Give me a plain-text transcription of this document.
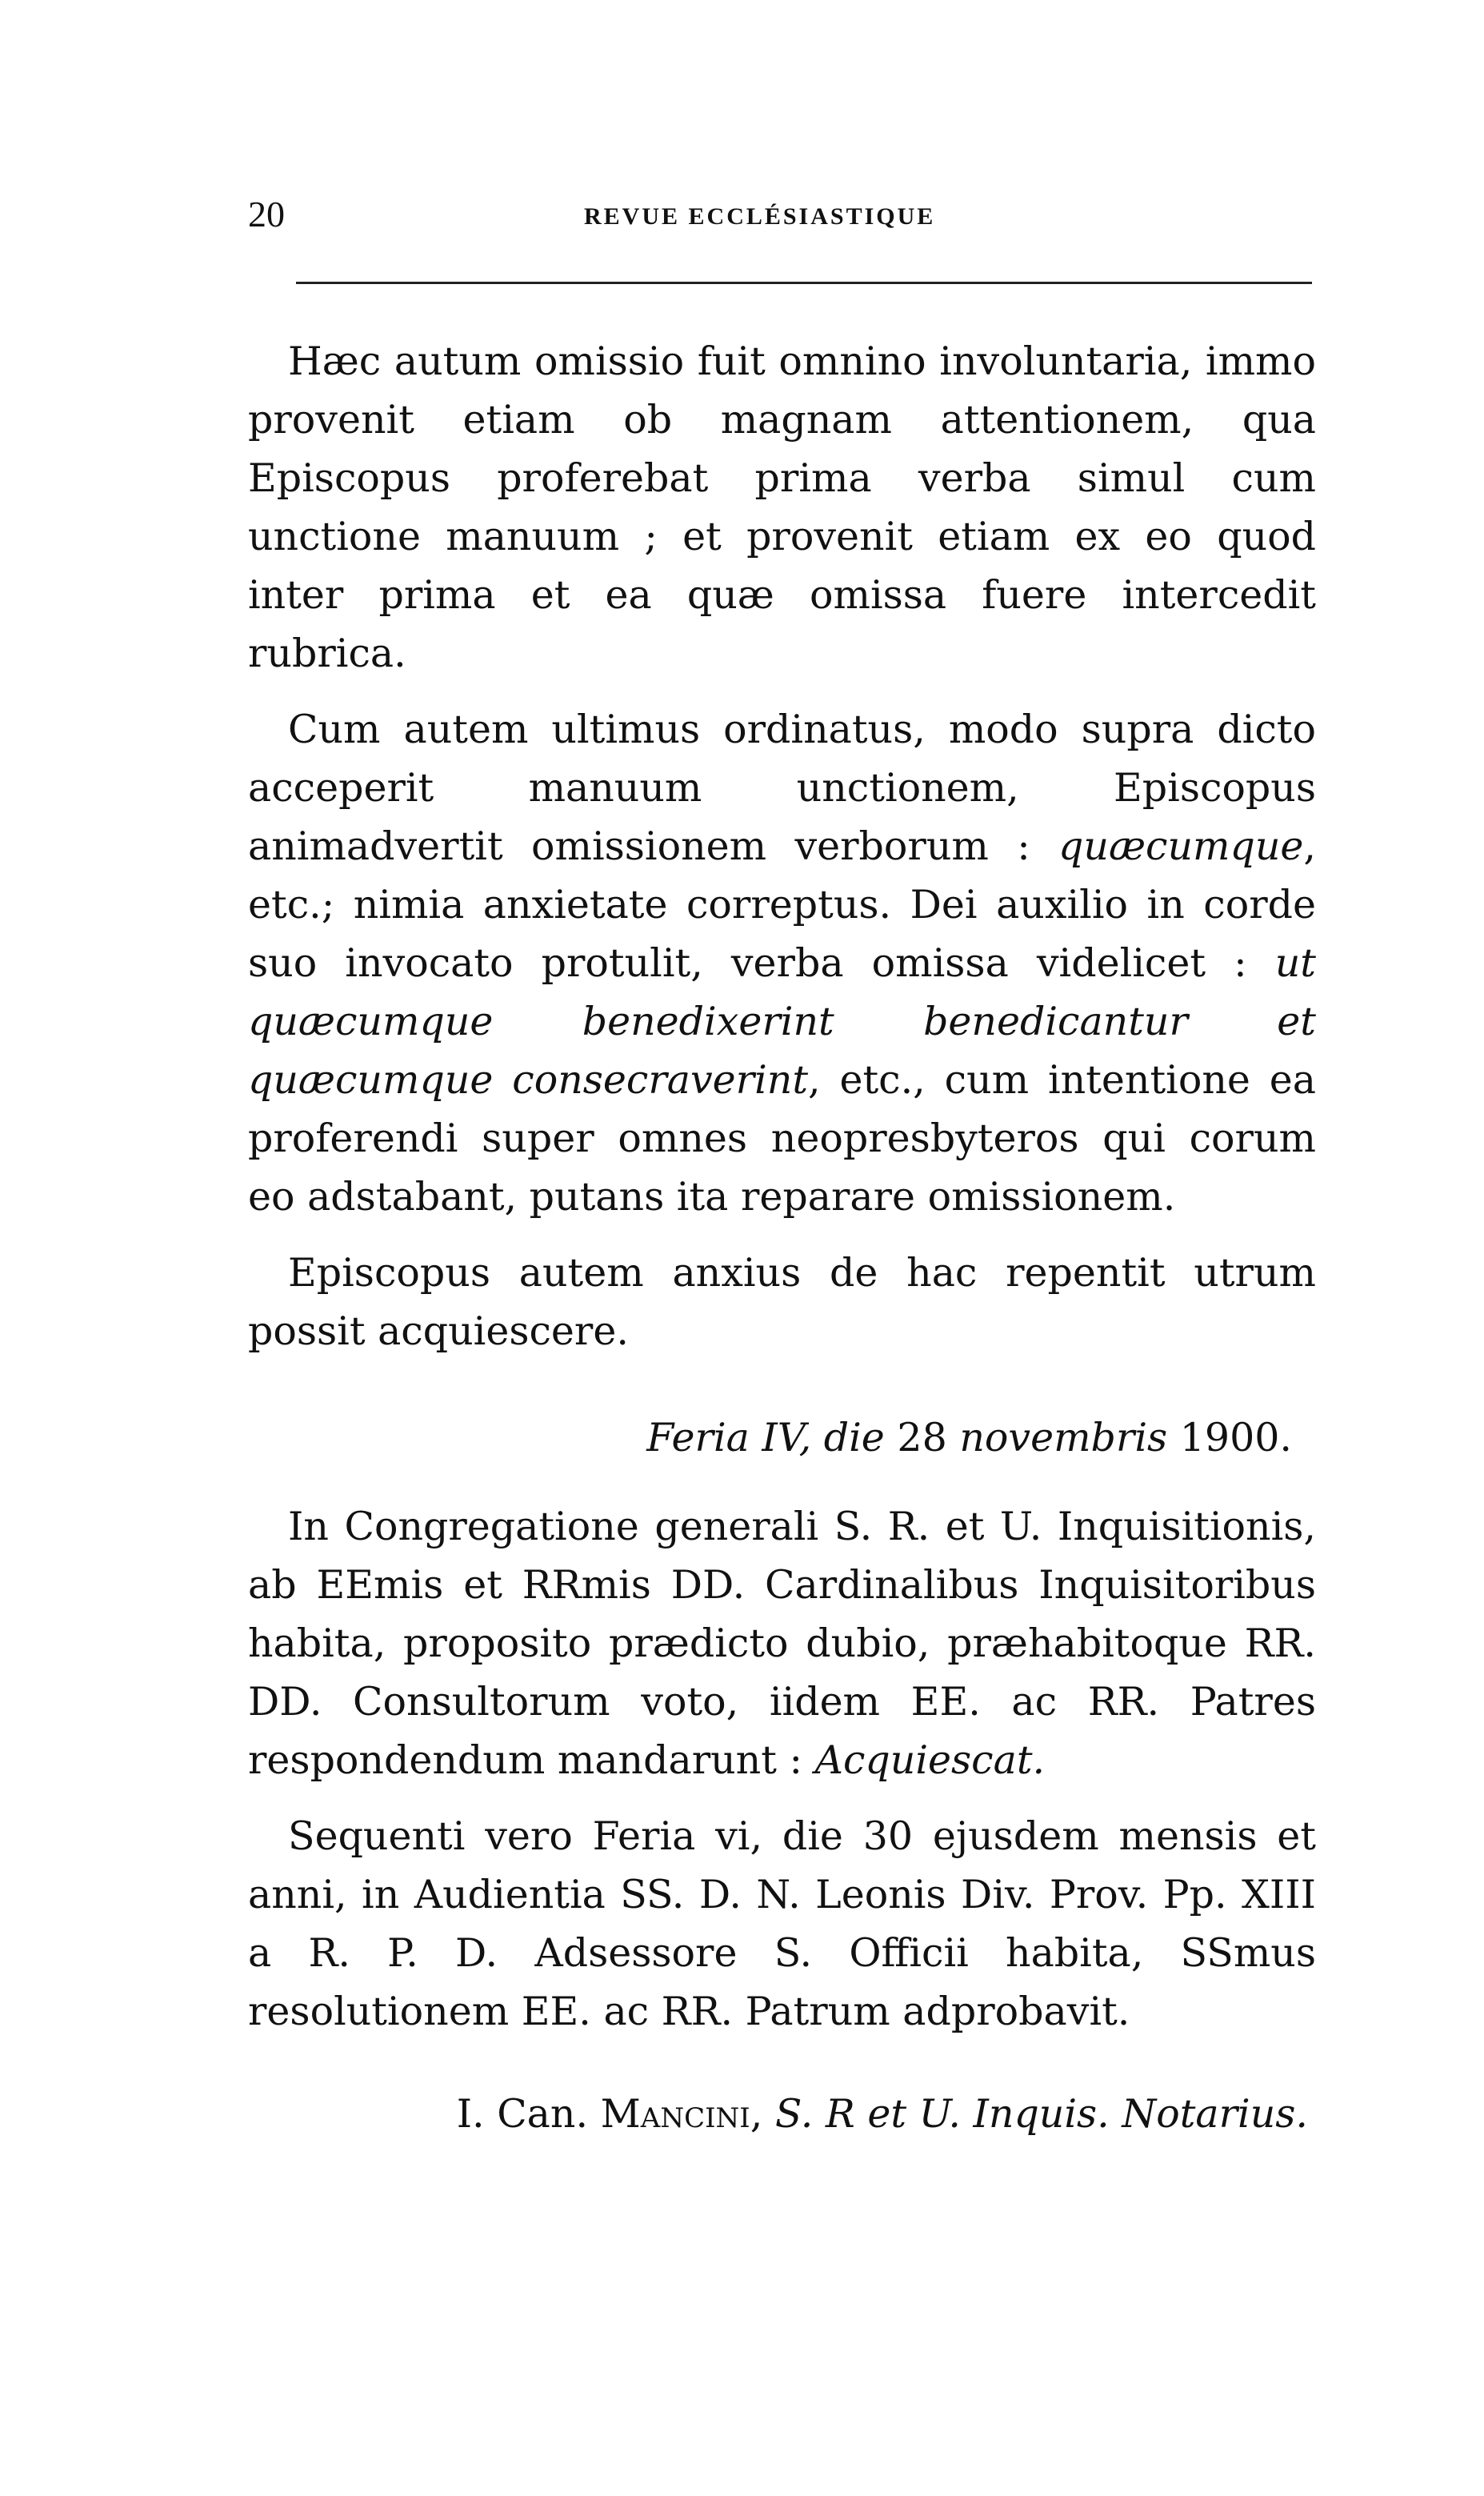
20	REVUE ECCLÉSIASTIQUE

Hæc autum omissio fuit omnino involuntaria, immo provenit etiam ob magnam attentionem, qua Episcopus proferebat prima verba simul cum unctione manuum ; et provenit etiam ex eo quod inter prima et ea quæ omissa fuere intercedit rubrica.

Cum autem ultimus ordinatus, modo supra dicto acceperit manuum unctionem, Episcopus animadvertit omissionem verborum : quæcumque, etc.; nimia anxietate correptus. Dei auxilio in corde suo invocato protulit, verba omissa videlicet : ut quæcumque benedixerint benedicantur et quæcumque consecraverint, etc., cum intentione ea proferendi super omnes neopresbyteros qui corum eo adstabant, putans ita reparare omissionem.

Episcopus autem anxius de hac repentit utrum possit acquiescere.

Feria IV, die 28 novembris 1900.

In Congregatione generali S. R. et U. Inquisitionis, ab EEmis et RRmis DD. Cardinalibus Inquisitoribus habita, proposito prædicto dubio, præhabitoque RR. DD. Consultorum voto, iidem EE. ac RR. Patres respondendum mandarunt : Acquiescat.

Sequenti vero Feria vi, die 30 ejusdem mensis et anni, in Audientia SS. D. N. Leonis Div. Prov. Pp. XIII a R. P. D. Adsessore S. Officii habita, SSmus resolutionem EE. ac RR. Patrum adprobavit.

I. Can. Mancini, S. R et U. Inquis. Notarius.
